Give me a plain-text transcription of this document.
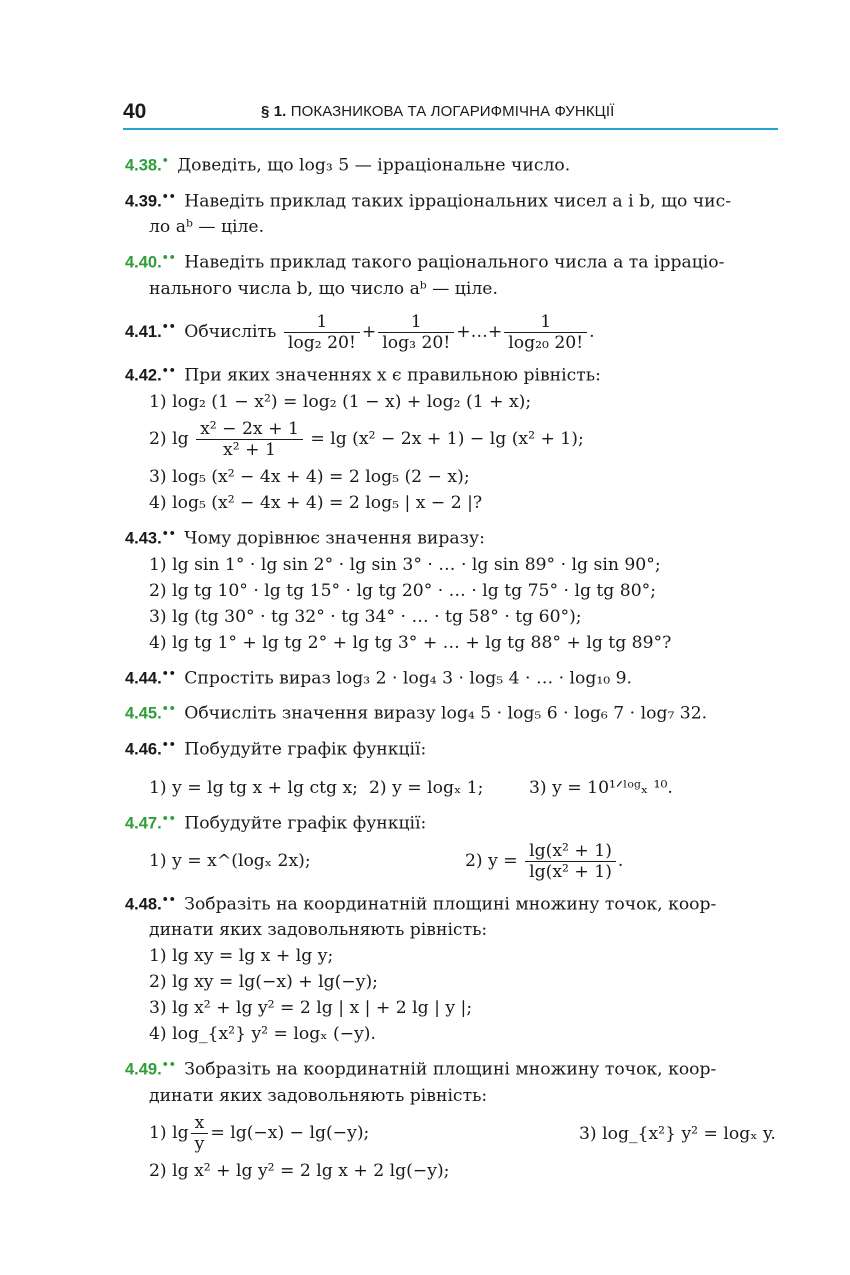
40	§ 1. ПОКАЗНИКОВА ТА ЛОГАРИФМІЧНА ФУНКЦІЇ
4.38.• Доведіть, що log₃ 5 — ірраціональне число.
4.39.•• Наведіть приклад таких ірраціональних чисел a і b, що чис-
ло aᵇ — ціле.
4.40.•• Наведіть приклад такого раціонального числа a та ірраціо-
нального числа b, що число aᵇ — ціле.
4.41.•• Обчисліть $\frac{1}{\text{log₂ 20!}} + \frac{1}{\text{log₃ 20!}}$ +…+ $\frac{1}{\text{log₂₀ 20!}}$ .
4.42.•• При яких значеннях x є правильною рівність:
1) log₂ (1 − x²) = log₂ (1 − x) + log₂ (1 + x);
2) $\lg \frac{\text{x² − 2x + 1}}{\text{x² + 1}} = \lg (x^2 - 2x + 1) - \lg (x^2 + 1)$;
3) log₅ (x² − 4x + 4) = 2 log₅ (2 − x);
4) log₅ (x² − 4x + 4) = 2 log₅ | x − 2 |?
4.43.•• Чому дорівнює значення виразу:
1) lg sin 1° · lg sin 2° · lg sin 3° · … · lg sin 89° · lg sin 90°;
2) lg tg 10° · lg tg 15° · lg tg 20° · … · lg tg 75° · lg tg 80°;
3) lg (tg 30° · tg 32° · tg 34° · … · tg 58° · tg 60°);
4) lg tg 1° + lg tg 2° + lg tg 3° + … + lg tg 88° + lg tg 89°?
4.44.•• Спростіть вираз log₃ 2 · log₄ 3 · log₅ 4 · … · log₁₀ 9.
4.45.•• Обчисліть значення виразу log₄ 5 · log₅ 6 · log₆ 7 · log₇ 32.
4.46.•• Побудуйте графік функції:
1) y = lg tg x + lg ctg x; 2) y = logₓ 1;	3) y = 10¹ᐟˡᵒᵍₓ ¹⁰.
4.47.•• Побудуйте графік функції:
1) y = x^(logₓ 2x);	2) $y = \frac{\text{lg(x² + 1)}}{\text{lg(x² + 1)}}$ .
4.48.•• Зобразіть на координатній площині множину точок, коор-
динати яких задовольняють рівність:
1) lg xy = lg x + lg y;
2) lg xy = lg(−x) + lg(−y);
3) lg x² + lg y² = 2 lg | x | + 2 lg | y |;
4) log_{x²} y² = logₓ (−y).
4.49.•• Зобразіть на координатній площині множину точок, коор-
динати яких задовольняють рівність:
1) $\lg \frac{x}{y} = \lg(-x) - \lg(-y)$;	3) log_{x²} y² = logₓ y.
2) lg x² + lg y² = 2 lg x + 2 lg(−y);
